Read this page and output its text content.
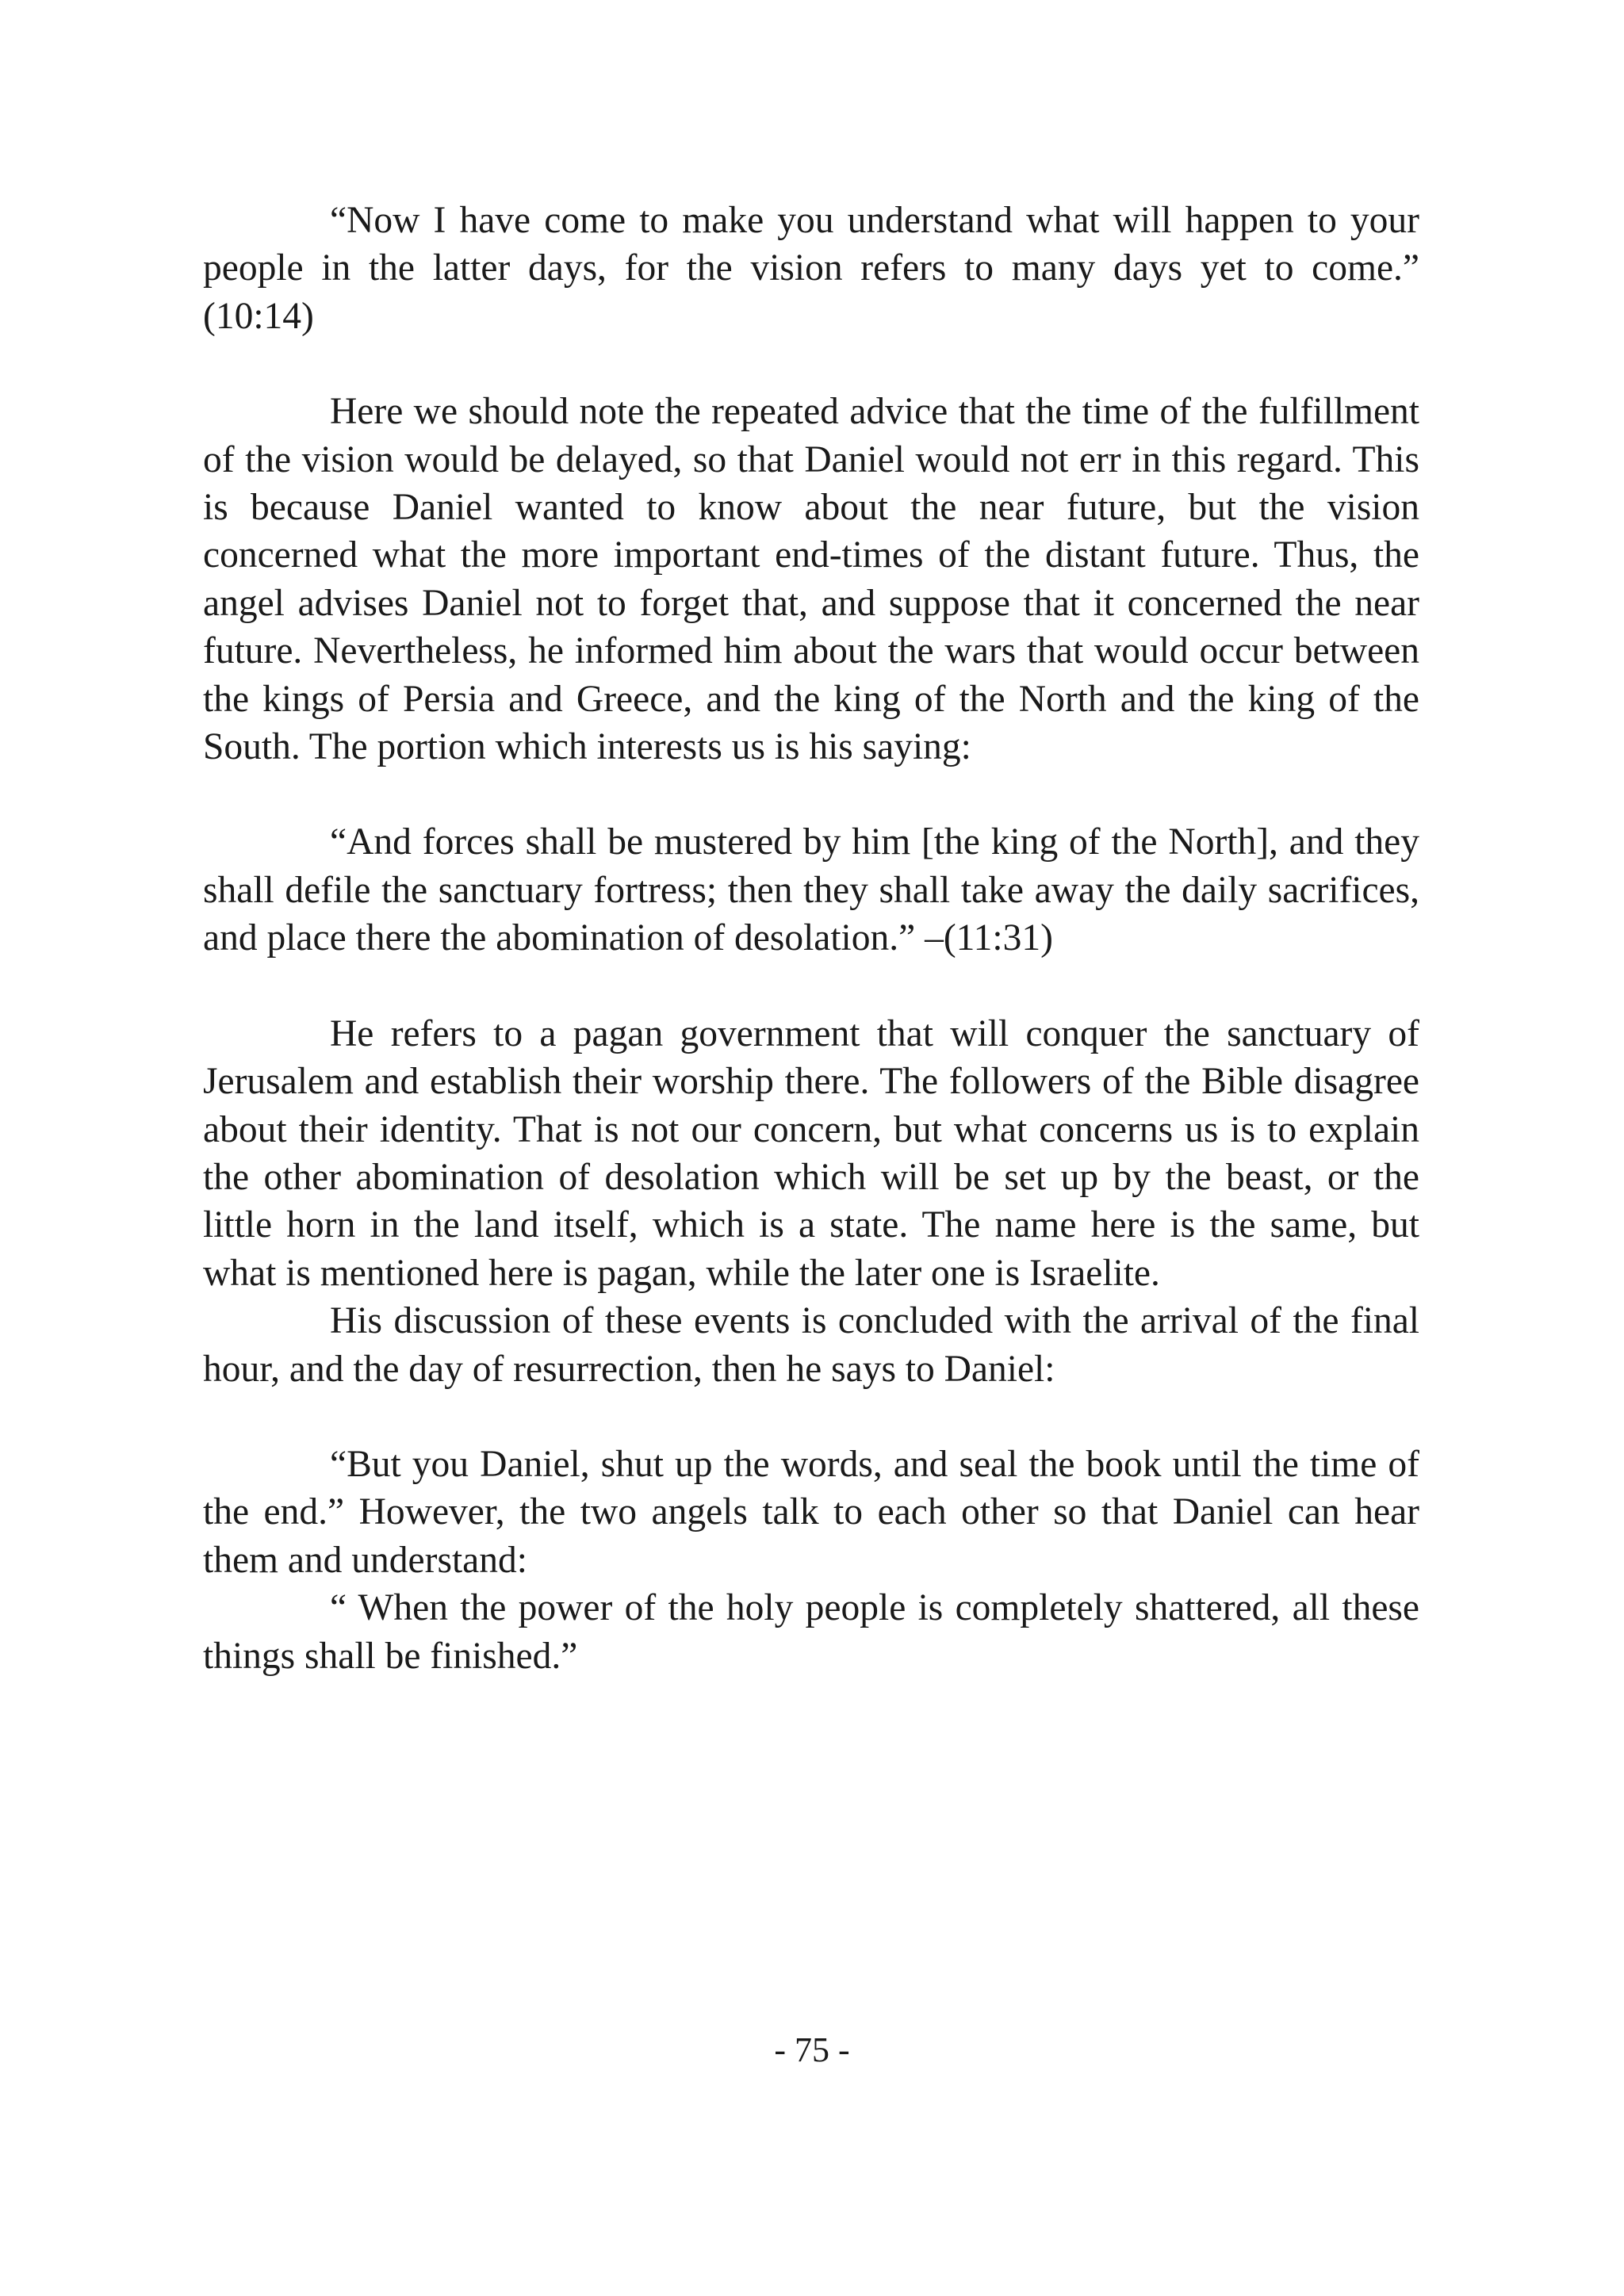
“Now I have come to make you understand what will happen to your people in the latter days, for the vision refers to many days yet to come.” (10:14)

Here we should note the repeated advice that the time of the fulfillment of the vision would be delayed, so that Daniel would not err in this regard. This is because Daniel wanted to know about the near future, but the vision concerned what the more important end-times of the distant future. Thus, the angel advises Daniel not to forget that, and suppose that it concerned the near future. Nevertheless, he informed him about the wars that would occur between the kings of Persia and Greece, and the king of the North and the king of the South. The portion which interests us is his saying:

“And forces shall be mustered by him [the king of the North], and they shall defile the sanctuary fortress; then they shall take away the daily sacrifices, and place there the abomination of desolation.” –(11:31)

He refers to a pagan government that will conquer the sanctuary of Jerusalem and establish their worship there. The followers of the Bible disagree about their identity. That is not our concern, but what concerns us is to explain the other abomination of desolation which will be set up by the beast, or the little horn in the land itself, which is a state. The name here is the same, but what is mentioned here is pagan, while the later one is Israelite.

His discussion of these events is concluded with the arrival of the final hour, and the day of resurrection, then he says to Daniel:

“But you Daniel, shut up the words, and seal the book until the time of the end.” However, the two angels talk to each other so that Daniel can hear them and understand:

“ When the power of the holy people is completely shattered, all these things shall be finished.”

- 75 -
